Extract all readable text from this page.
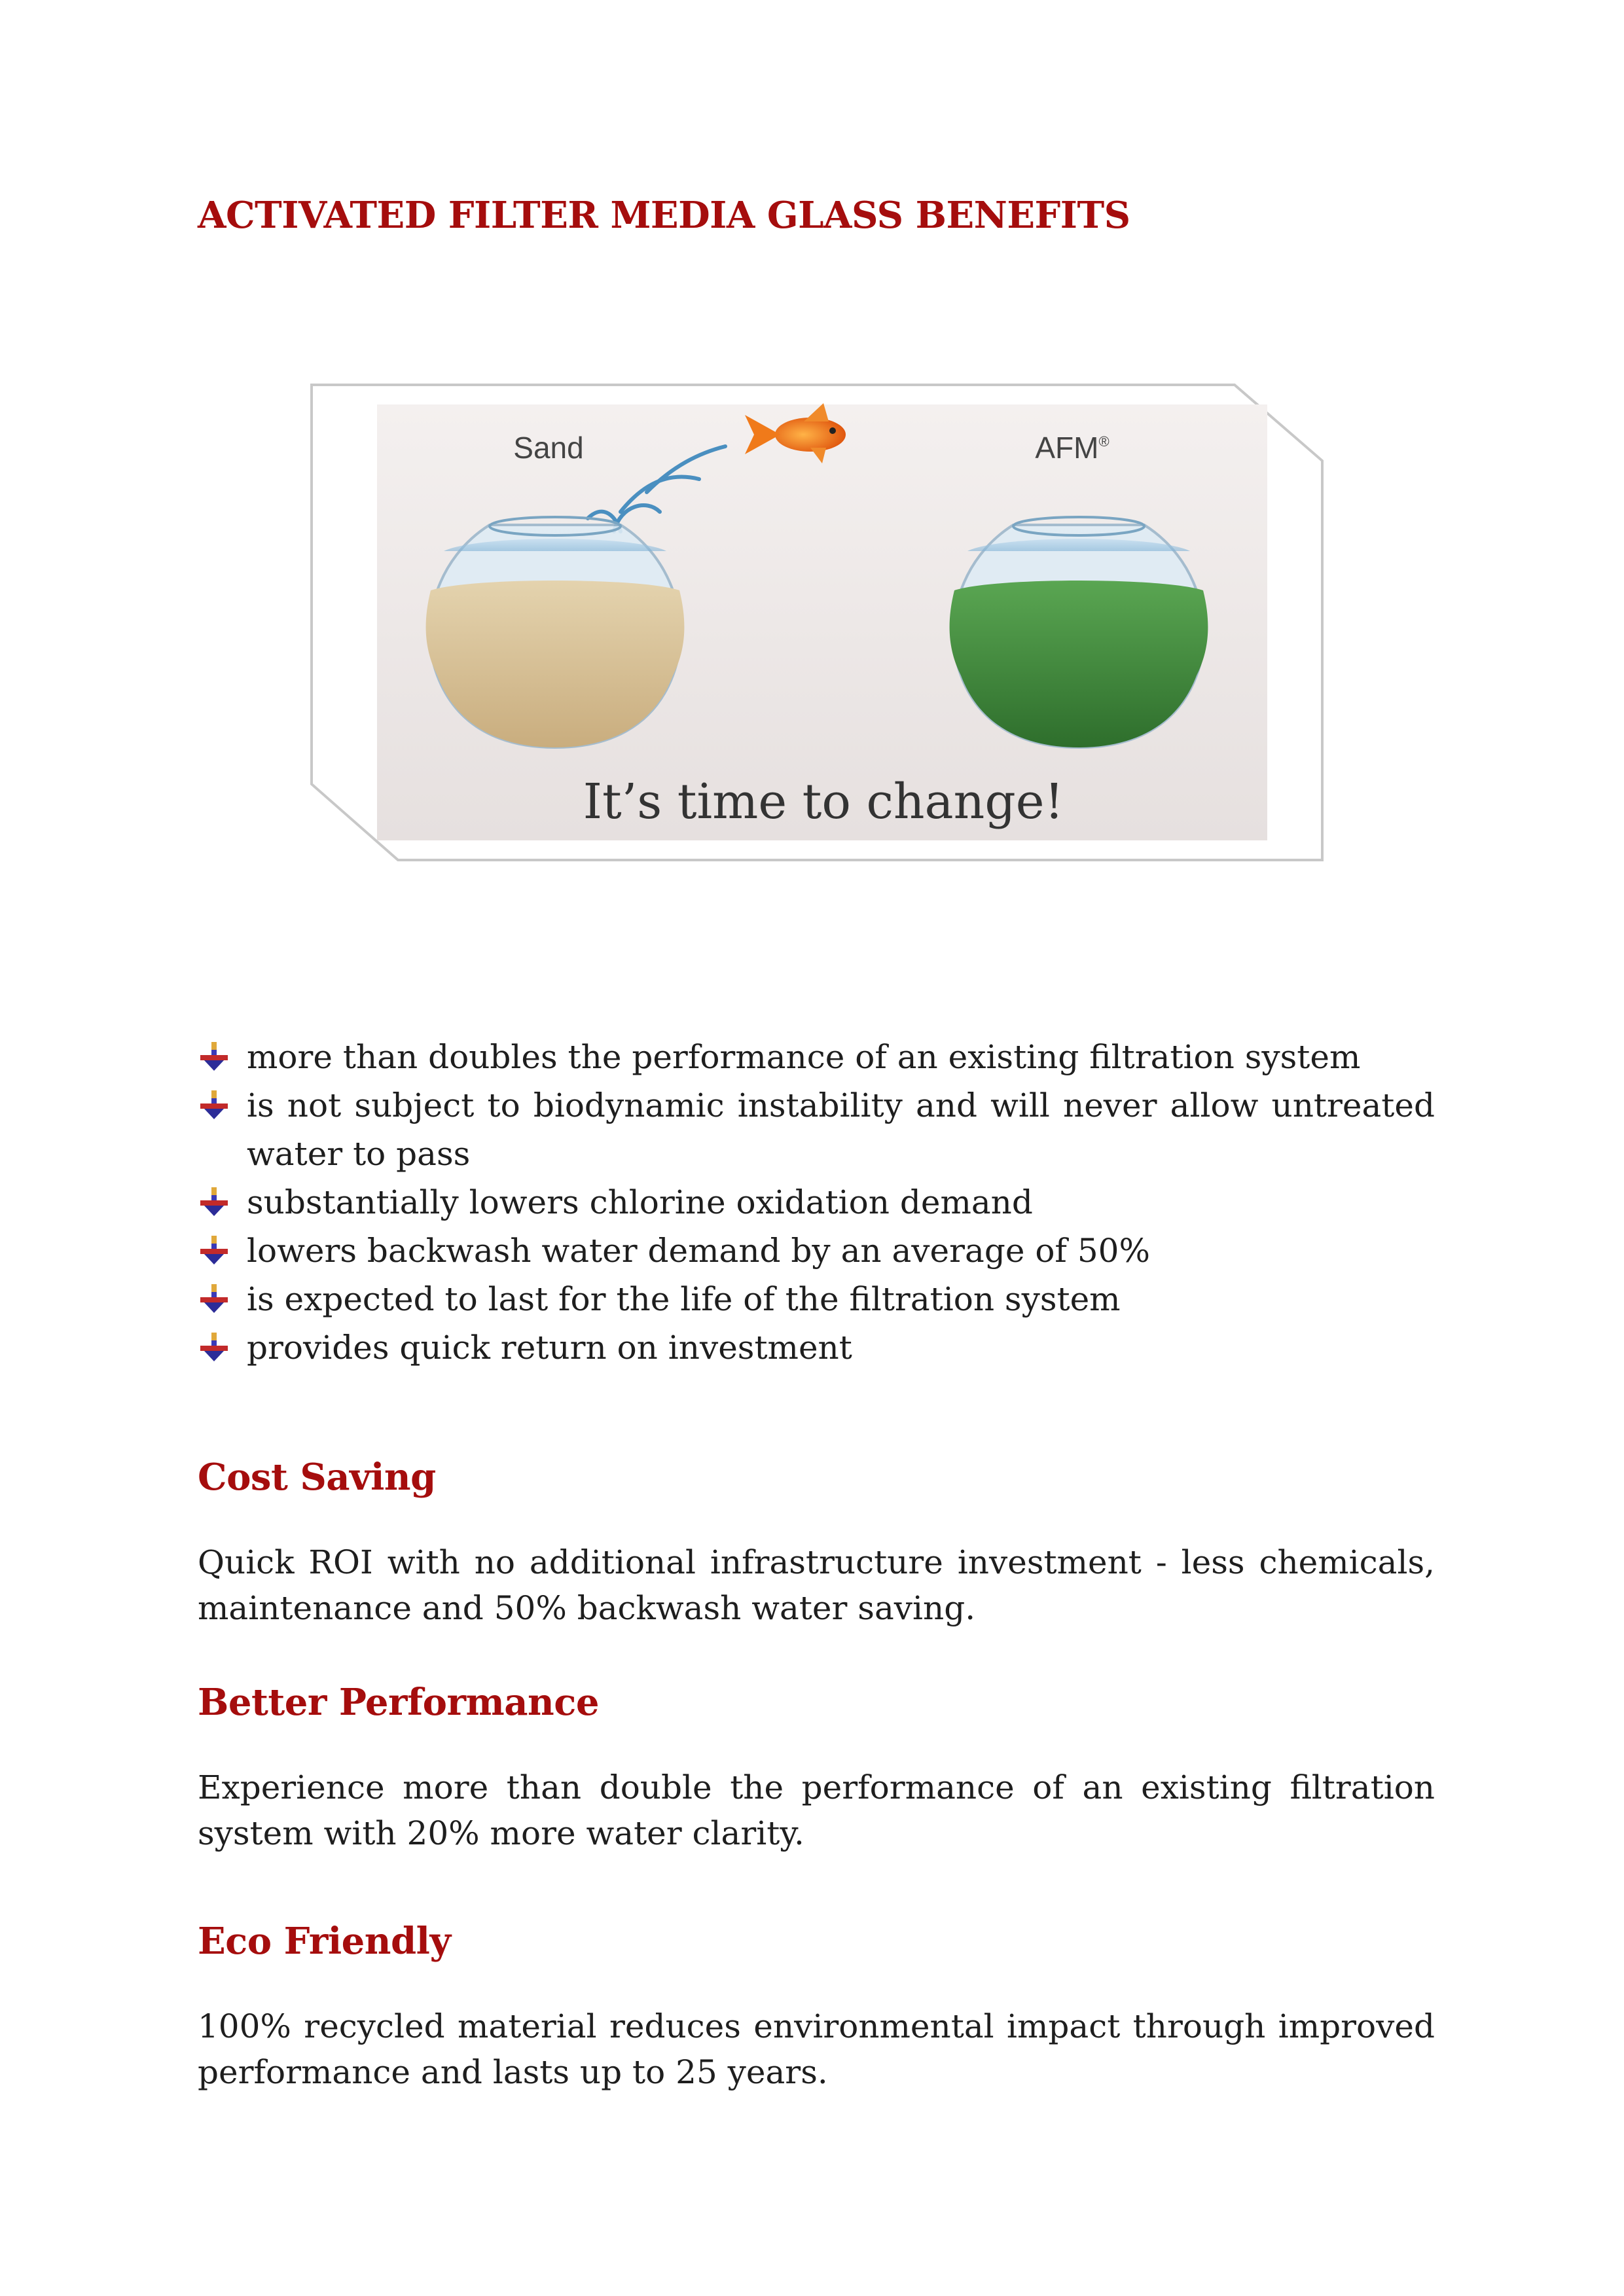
ACTIVATED FILTER MEDIA GLASS BENEFITS
Sand	AFM®
It’s time to change!
more than doubles the performance of an existing filtration system
is not subject to biodynamic instability and will never allow untreated water to pass
substantially lowers chlorine oxidation demand
lowers backwash water demand by an average of 50%
is expected to last for the life of the filtration system
provides quick return on investment
Cost Saving

Quick ROI with no additional infrastructure investment - less chemicals, maintenance and 50% backwash water saving.

Better Performance

Experience more than double the performance of an existing filtration system with 20% more water clarity.

Eco Friendly

100% recycled material reduces environmental impact through improved performance and lasts up to 25 years.
